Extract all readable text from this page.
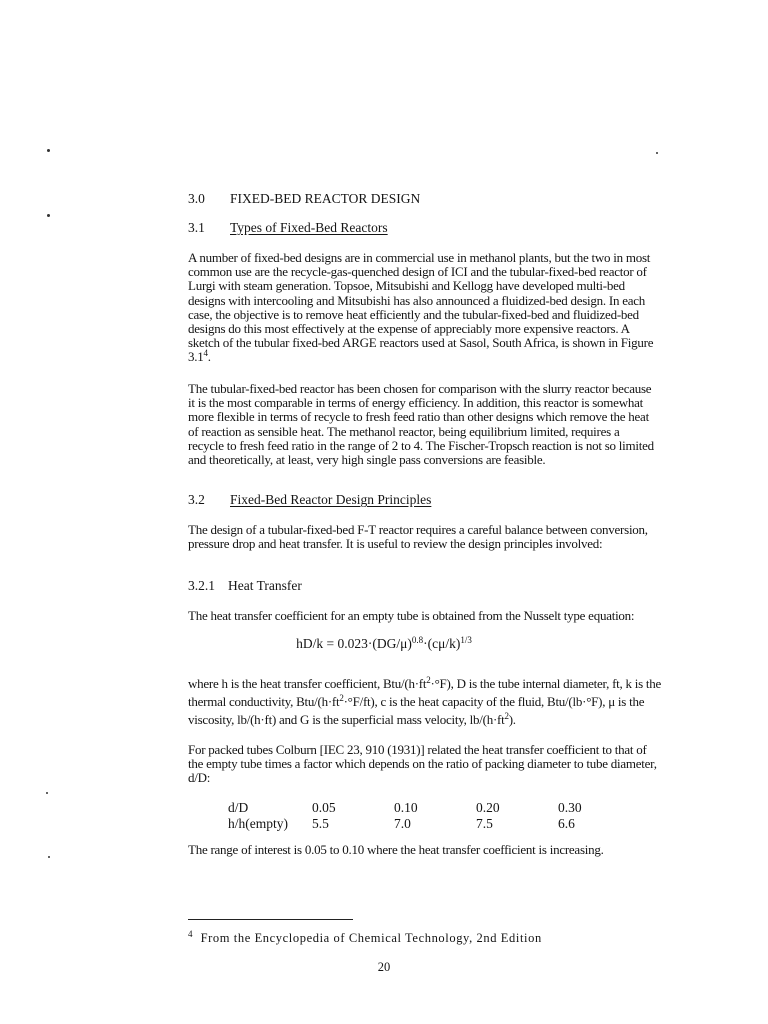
3.0 FIXED-BED REACTOR DESIGN
3.1 Types of Fixed-Bed Reactors
A number of fixed-bed designs are in commercial use in methanol plants, but the two in most common use are the recycle-gas-quenched design of ICI and the tubular-fixed-bed reactor of Lurgi with steam generation. Topsoe, Mitsubishi and Kellogg have developed multi-bed designs with intercooling and Mitsubishi has also announced a fluidized-bed design. In each case, the objective is to remove heat efficiently and the tubular-fixed-bed and fluidized-bed designs do this most effectively at the expense of appreciably more expensive reactors. A sketch of the tubular fixed-bed ARGE reactors used at Sasol, South Africa, is shown in Figure $3.1^4$.
The tubular-fixed-bed reactor has been chosen for comparison with the slurry reactor because it is the most comparable in terms of energy efficiency. In addition, this reactor is somewhat more flexible in terms of recycle to fresh feed ratio than other designs which remove the heat of reaction as sensible heat. The methanol reactor, being equilibrium limited, requires a recycle to fresh feed ratio in the range of 2 to 4. The Fischer-Tropsch reaction is not so limited and theoretically, at least, very high single pass conversions are feasible.
3.2 Fixed-Bed Reactor Design Principles
The design of a tubular-fixed-bed F-T reactor requires a careful balance between conversion, pressure drop and heat transfer. It is useful to review the design principles involved:
3.2.1 Heat Transfer
The heat transfer coefficient for an empty tube is obtained from the Nusselt type equation:
$hD/k = 0.023\cdot(DG/\mu)^{0.8}\cdot(c\mu/k)^{1/3}$
where h is the heat transfer coefficient, Btu/$(h\cdot ft^2\cdot^\circ F)$, D is the tube internal diameter, ft, k is the thermal conductivity, Btu/$(h\cdot ft^2\cdot^\circ F/ft)$, c is the heat capacity of the fluid, Btu/(lb·°F), μ is the viscosity, lb/(h·ft) and G is the superficial mass velocity, $lb/(h\cdot ft^2)$.
For packed tubes Colburn [IEC 23, 910 (1931)] related the heat transfer coefficient to that of the empty tube times a factor which depends on the ratio of packing diameter to tube diameter, d/D:
d/D	0.05	0.10	0.20	0.30
h/h(empty)	5.5	7.0	7.5	6.6
The range of interest is 0.05 to 0.10 where the heat transfer coefficient is increasing.
$^4$ From the Encyclopedia of Chemical Technology, 2nd Edition
20
